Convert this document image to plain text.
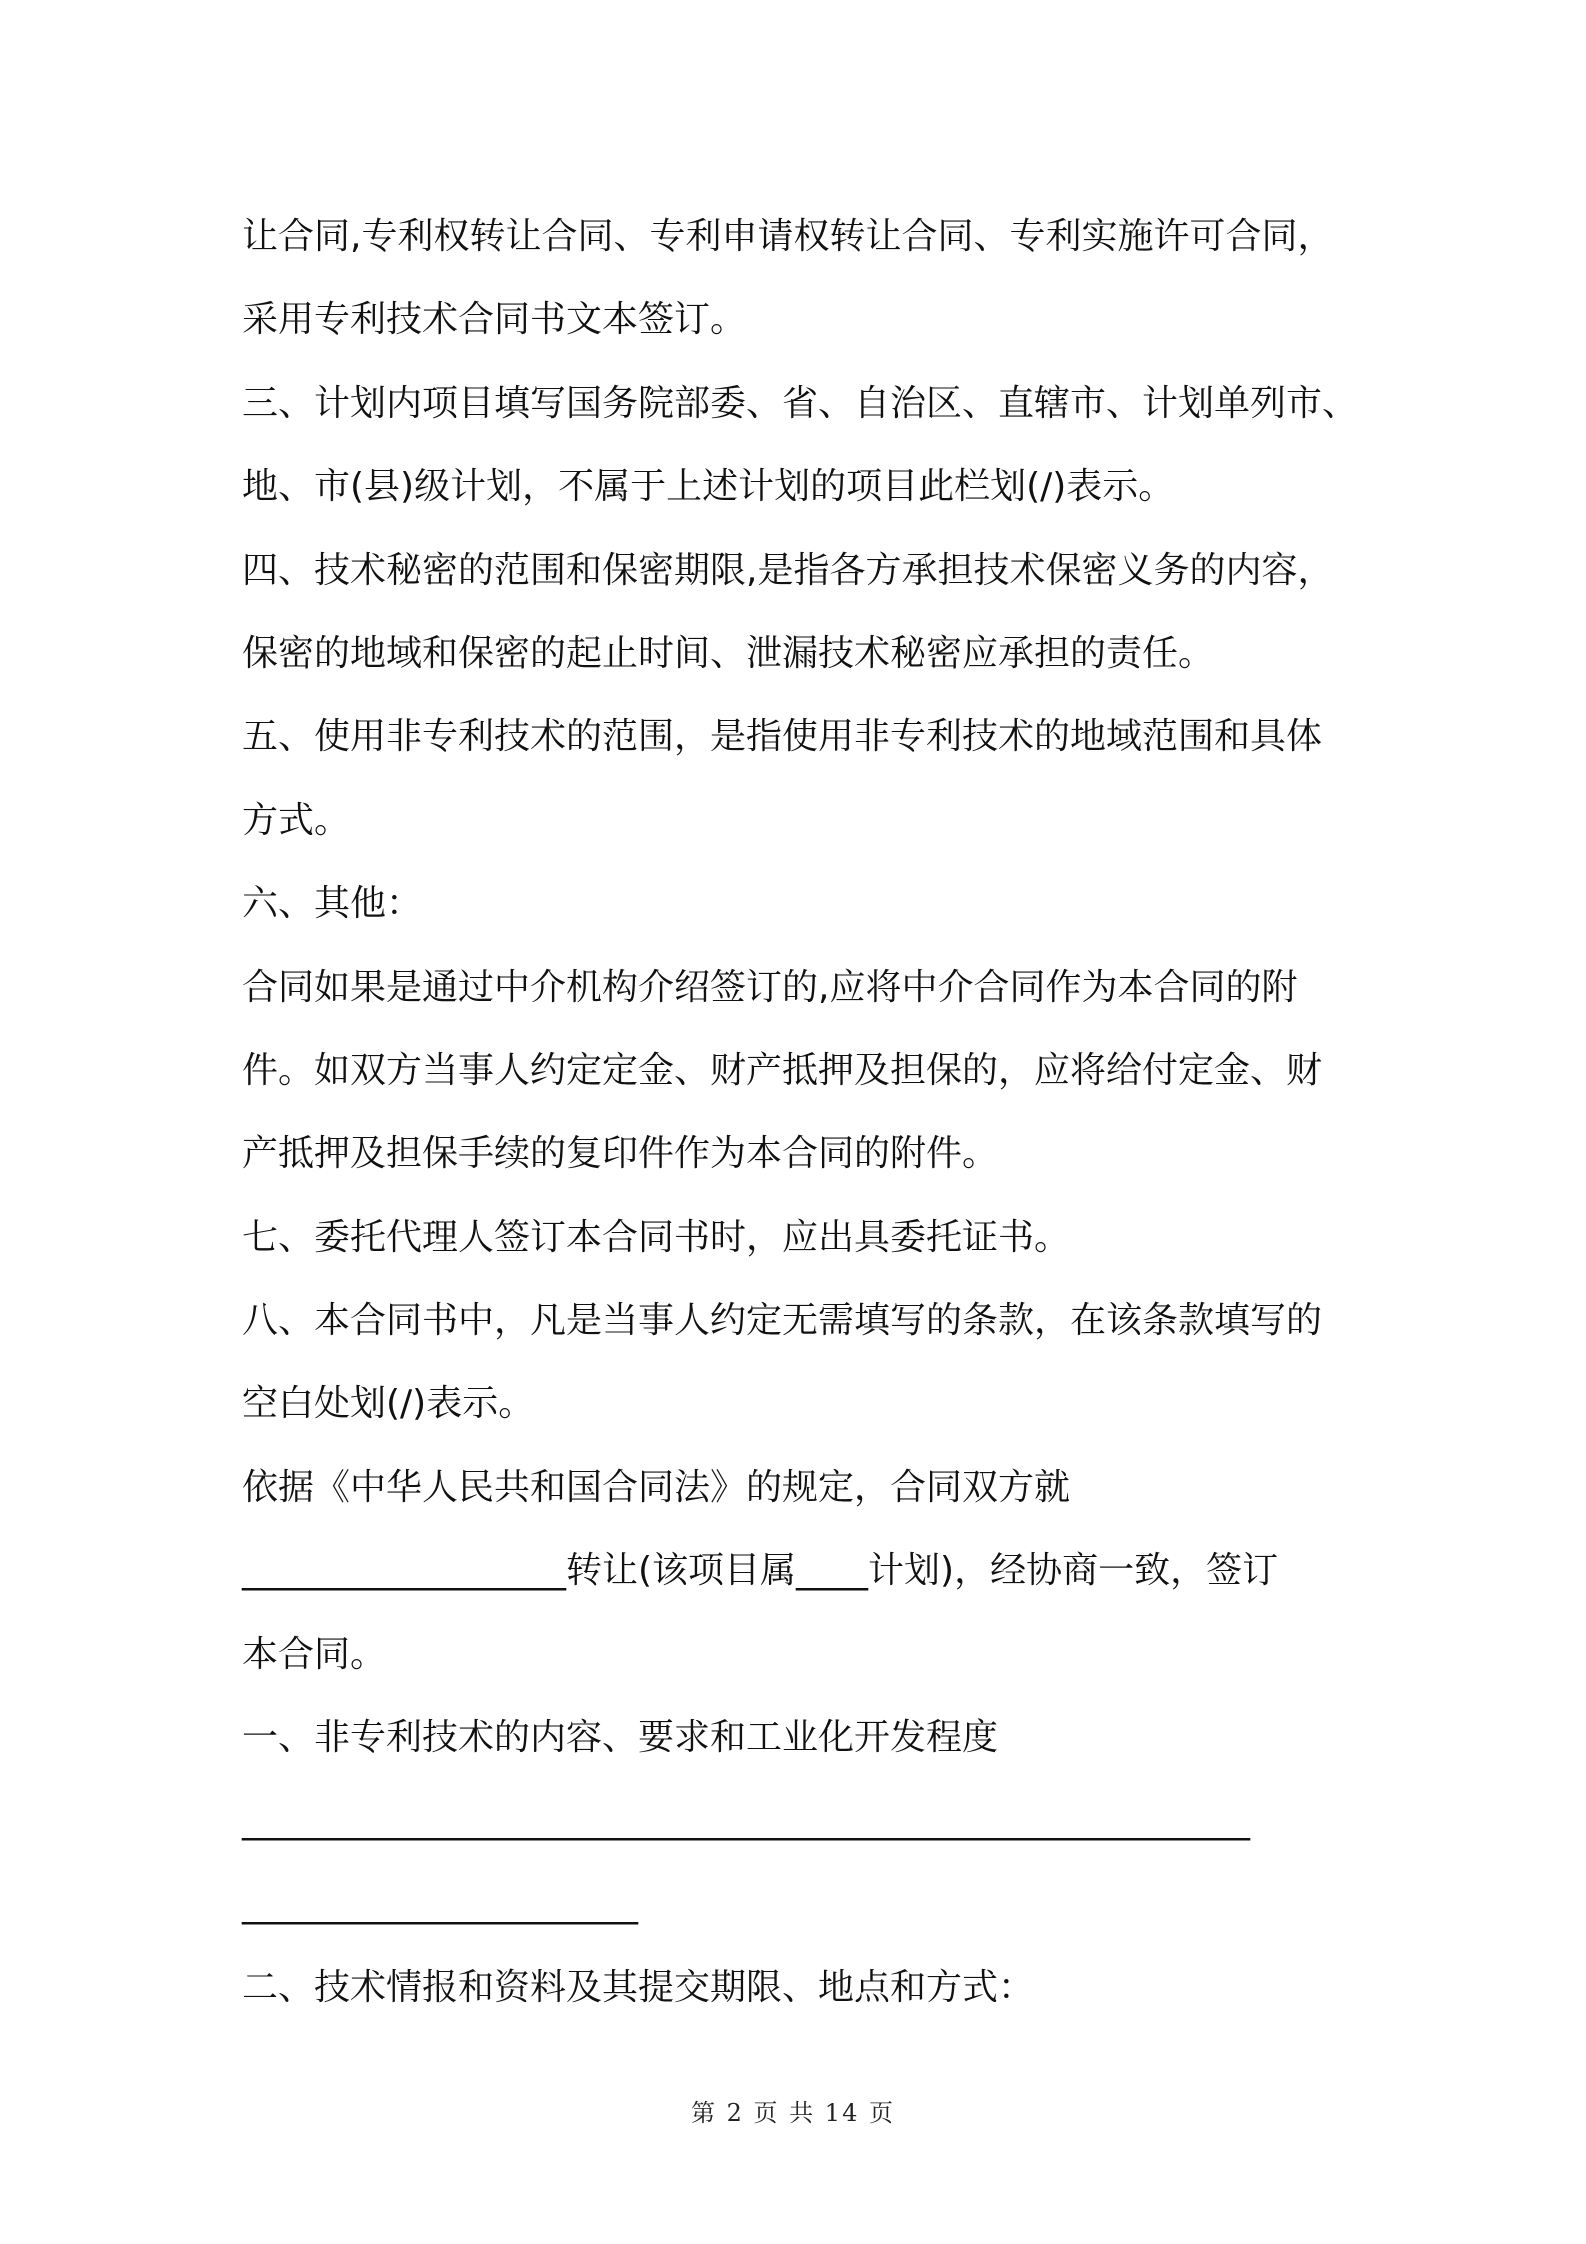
让合同,专利权转让合同、专利申请权转让合同、专利实施许可合同，
采用专利技术合同书文本签订。
三、计划内项目填写国务院部委、省、自治区、直辖市、计划单列市、
地、市(县)级计划，不属于上述计划的项目此栏划(/)表示。
四、技术秘密的范围和保密期限,是指各方承担技术保密义务的内容，
保密的地域和保密的起止时间、泄漏技术秘密应承担的责任。
五、使用非专利技术的范围，是指使用非专利技术的地域范围和具体
方式。
六、其他：
合同如果是通过中介机构介绍签订的,应将中介合同作为本合同的附
件。如双方当事人约定定金、财产抵押及担保的，应将给付定金、财
产抵押及担保手续的复印件作为本合同的附件。
七、委托代理人签订本合同书时，应出具委托证书。
八、本合同书中，凡是当事人约定无需填写的条款，在该条款填写的
空白处划(/)表示。
依据《中华人民共和国合同法》的规定，合同双方就
__________________转让(该项目属____计划)，经协商一致，签订
本合同。
一、非专利技术的内容、要求和工业化开发程度
________________________________________________________
______________________
二、技术情报和资料及其提交期限、地点和方式：
第 2 页 共 14 页
